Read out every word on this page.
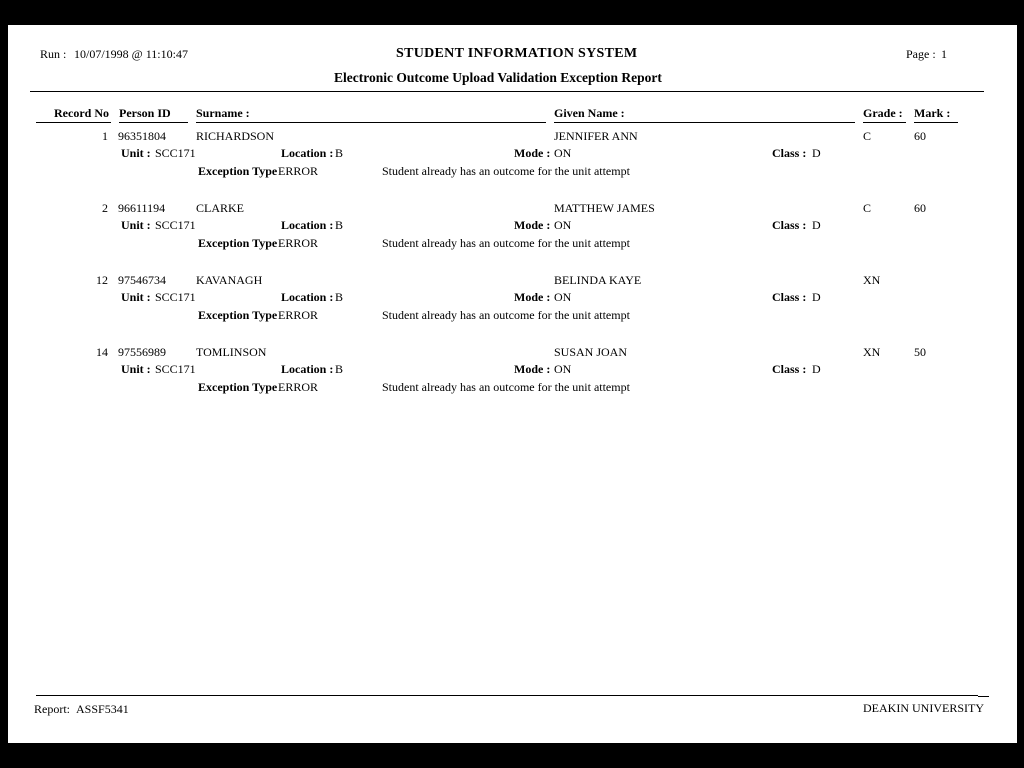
Run : 10/07/1998 @ 11:10:47	STUDENT INFORMATION SYSTEM
Electronic Outcome Upload Validation Exception Report
Page : 1
Record No Person ID Surname :	Given Name :	Grade : Mark :
1 96351804	RICHARDSON	JENNIFER ANN	C	60
Unit : SCC171	Location : B	Mode : ON	Class : D
Exception Type ERROR	Student already has an outcome for the unit attempt
2 96611194	CLARKE	MATTHEW JAMES	C	60
Unit : SCC171	Location : B	Mode : ON	Class : D
Exception Type ERROR	Student already has an outcome for the unit attempt
12 97546734	KAVANAGH	BELINDA KAYE	XN
Unit : SCC171	Location : B	Mode : ON	Class : D
Exception Type ERROR	Student already has an outcome for the unit attempt
14 97556989	TOMLINSON	SUSAN JOAN	XN	50
Unit : SCC171	Location : B	Mode : ON	Class : D
Exception Type ERROR	Student already has an outcome for the unit attempt
Report: ASSF5341	DEAKIN UNIVERSITY
